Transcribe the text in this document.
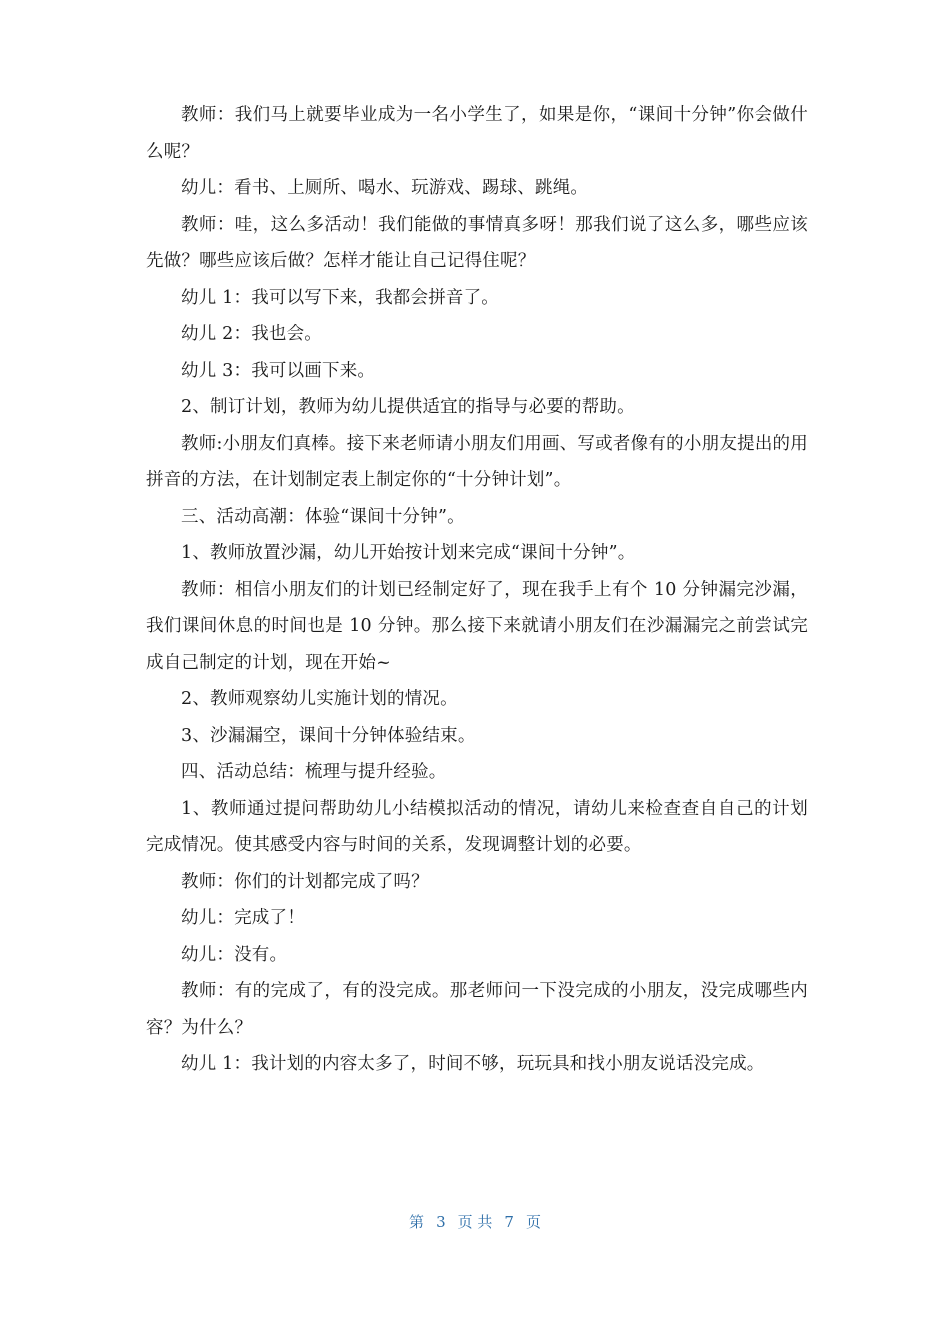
教师：我们马上就要毕业成为一名小学生了，如果是你，“课间十分钟”你会做什么呢？

幼儿：看书、上厕所、喝水、玩游戏、踢球、跳绳。

教师：哇，这么多活动！我们能做的事情真多呀！那我们说了这么多，哪些应该先做？哪些应该后做？怎样才能让自己记得住呢？

幼儿 1：我可以写下来，我都会拼音了。

幼儿 2：我也会。

幼儿 3：我可以画下来。

2、制订计划，教师为幼儿提供适宜的指导与必要的帮助。

教师:小朋友们真棒。接下来老师请小朋友们用画、写或者像有的小朋友提出的用拼音的方法，在计划制定表上制定你的“十分钟计划”。

三、活动高潮：体验“课间十分钟”。

1、教师放置沙漏，幼儿开始按计划来完成“课间十分钟”。

教师：相信小朋友们的计划已经制定好了，现在我手上有个 10 分钟漏完沙漏，我们课间休息的时间也是 10 分钟。那么接下来就请小朋友们在沙漏漏完之前尝试完成自己制定的计划，现在开始~

2、教师观察幼儿实施计划的情况。

3、沙漏漏空，课间十分钟体验结束。

四、活动总结：梳理与提升经验。

1、教师通过提问帮助幼儿小结模拟活动的情况，请幼儿来检查查自自己的计划完成情况。使其感受内容与时间的关系，发现调整计划的必要。

教师：你们的计划都完成了吗？

幼儿：完成了！

幼儿：没有。

教师：有的完成了，有的没完成。那老师问一下没完成的小朋友，没完成哪些内容？为什么？

幼儿 1：我计划的内容太多了，时间不够，玩玩具和找小朋友说话没完成。

第 3 页 共 7 页
